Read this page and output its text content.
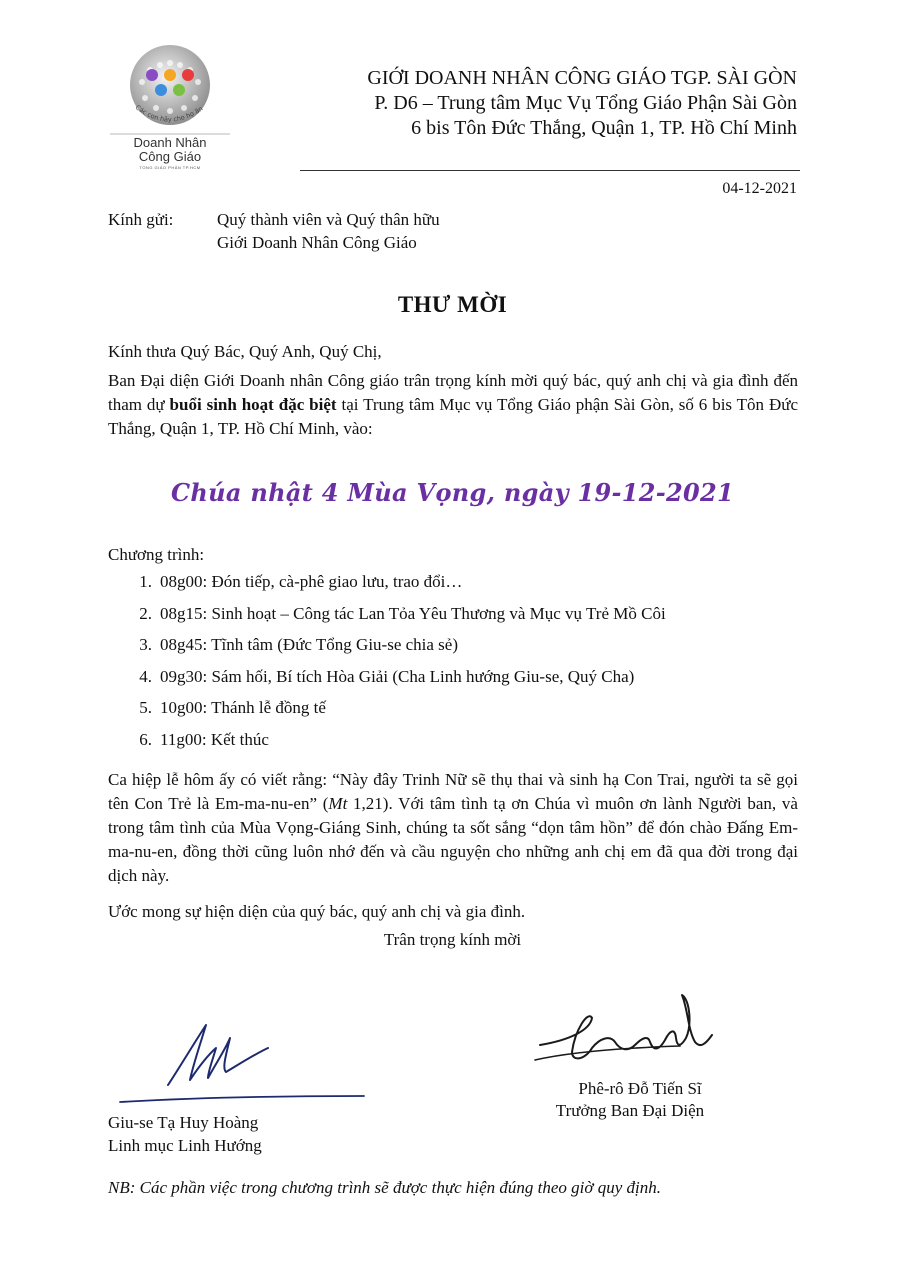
Các con hãy cho họ ăn
Doanh Nhân
Công Giáo
TỔNG GIÁO PHẬN TP.HCM
GIỚI DOANH NHÂN CÔNG GIÁO TGP. SÀI GÒN
P. D6 – Trung tâm Mục Vụ Tổng Giáo Phận Sài Gòn
6 bis Tôn Đức Thắng, Quận 1, TP. Hồ Chí Minh
04-12-2021
Kính gửi:	Quý thành viên và Quý thân hữu
Giới Doanh Nhân Công Giáo
THƯ MỜI
Kính thưa Quý Bác, Quý Anh, Quý Chị,
Ban Đại diện Giới Doanh nhân Công giáo trân trọng kính mời quý bác, quý anh chị và gia đình đến tham dự buổi sinh hoạt đặc biệt tại Trung tâm Mục vụ Tổng Giáo phận Sài Gòn, số 6 bis Tôn Đức Thắng, Quận 1, TP. Hồ Chí Minh, vào:
Chúa nhật 4 Mùa Vọng, ngày 19-12-2021
Chương trình:
1. 08g00: Đón tiếp, cà-phê giao lưu, trao đổi…
2. 08g15: Sinh hoạt – Công tác Lan Tỏa Yêu Thương và Mục vụ Trẻ Mồ Côi
3. 08g45: Tĩnh tâm (Đức Tổng Giu-se chia sẻ)
4. 09g30: Sám hối, Bí tích Hòa Giải (Cha Linh hướng Giu-se, Quý Cha)
5. 10g00: Thánh lễ đồng tế
6. 11g00: Kết thúc
Ca hiệp lễ hôm ấy có viết rằng: “Này đây Trinh Nữ sẽ thụ thai và sinh hạ Con Trai, người ta sẽ gọi tên Con Trẻ là Em-ma-nu-en” (Mt 1,21). Với tâm tình tạ ơn Chúa vì muôn ơn lành Người ban, và trong tâm tình của Mùa Vọng-Giáng Sinh, chúng ta sốt sắng “dọn tâm hồn” để đón chào Đấng Em-ma-nu-en, đồng thời cũng luôn nhớ đến và cầu nguyện cho những anh chị em đã qua đời trong đại dịch này.
Ước mong sự hiện diện của quý bác, quý anh chị và gia đình.
Trân trọng kính mời
Giu-se Tạ Huy Hoàng
Linh mục Linh Hướng
Phê-rô Đỗ Tiến Sĩ
Trưởng Ban Đại Diện
NB: Các phần việc trong chương trình sẽ được thực hiện đúng theo giờ quy định.
